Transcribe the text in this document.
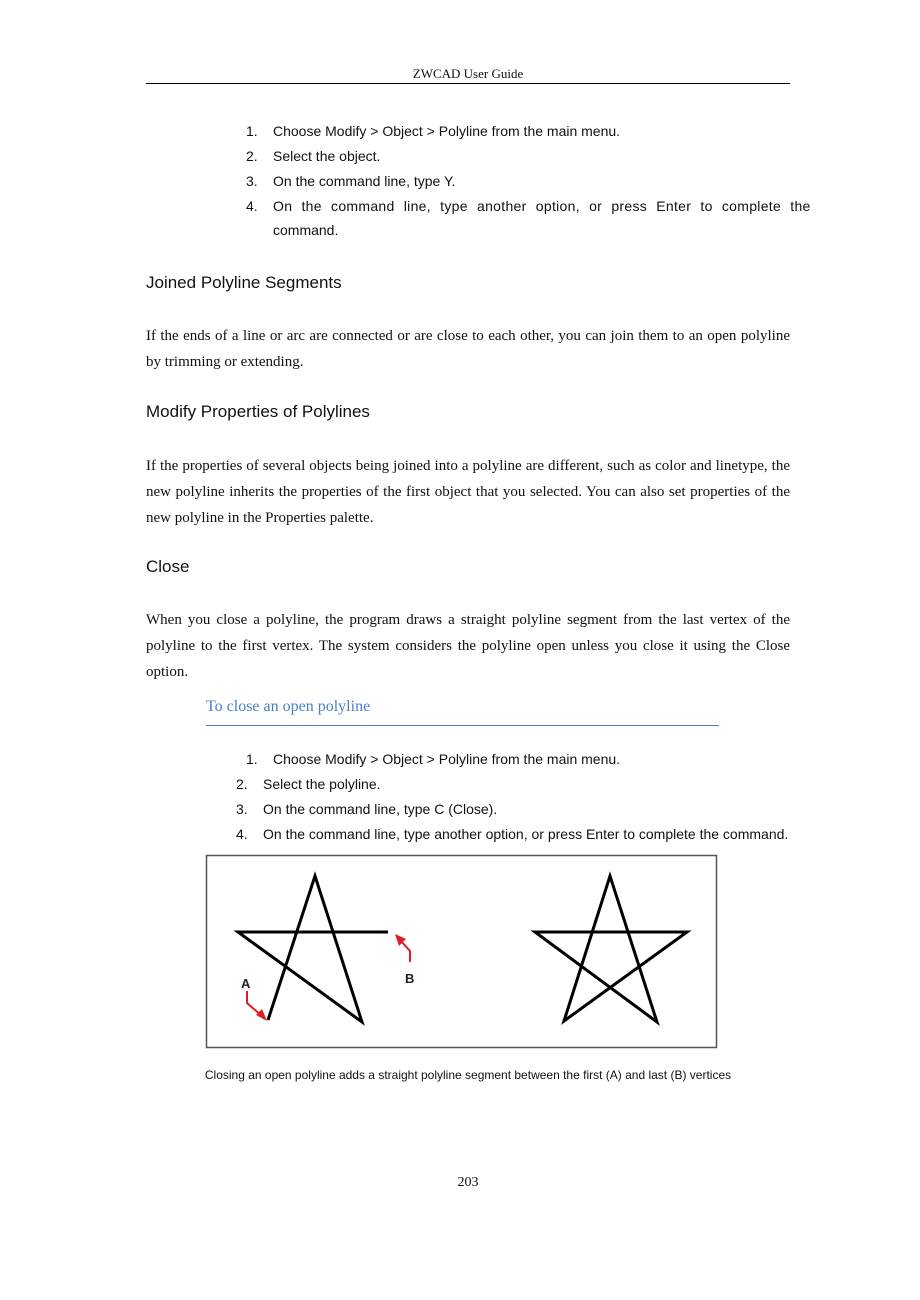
ZWCAD User Guide
1. Choose Modify > Object > Polyline from the main menu.
2. Select the object.
3. On the command line, type Y.
4. On the command line, type another option, or press Enter to complete the
command.
Joined Polyline Segments

If the ends of a line or arc are connected or are close to each other, you can join them to an open polyline by trimming or extending.

Modify Properties of Polylines

If the properties of several objects being joined into a polyline are different, such as color and linetype, the new polyline inherits the properties of the first object that you selected. You can also set properties of the new polyline in the Properties palette.

Close

When you close a polyline, the program draws a straight polyline segment from the last vertex of the polyline to the first vertex. The system considers the polyline open unless you close it using the Close option.

To close an open polyline
1. Choose Modify > Object > Polyline from the main menu.
2. Select the polyline.
3. On the command line, type C (Close).
4. On the command line, type another option, or press Enter to complete the command.
A	B
Closing an open polyline adds a straight polyline segment between the first (A) and last (B) vertices
203
